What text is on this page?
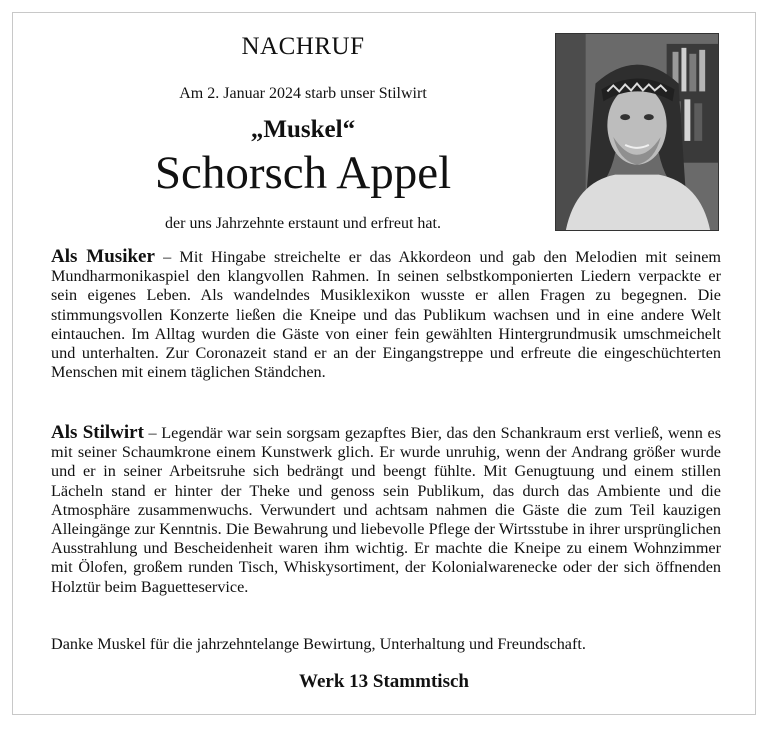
NACHRUF
Am 2. Januar 2024 starb unser Stilwirt
„Muskel“
Schorsch Appel
der uns Jahrzehnte erstaunt und erfreut hat.
Als Musiker – Mit Hingabe streichelte er das Akkordeon und gab den Melodien mit seinem Mundharmonikaspiel den klangvollen Rahmen. In seinen selbstkomponierten Liedern verpackte er sein eigenes Leben. Als wandelndes Musiklexikon wusste er allen Fragen zu begegnen. Die stimmungsvollen Konzerte ließen die Kneipe und das Publikum wachsen und in eine andere Welt eintauchen. Im Alltag wurden die Gäste von einer fein gewählten Hintergrundmusik umschmeichelt und unterhalten. Zur Coronazeit stand er an der Eingangstreppe und erfreute die eingeschüchterten Menschen mit einem täglichen Ständchen.
Als Stilwirt – Legendär war sein sorgsam gezapftes Bier, das den Schankraum erst verließ, wenn es mit seiner Schaumkrone einem Kunstwerk glich. Er wurde unruhig, wenn der Andrang größer wurde und er in seiner Arbeitsruhe sich bedrängt und beengt fühlte. Mit Genugtuung und einem stillen Lächeln stand er hinter der Theke und genoss sein Publikum, das durch das Ambiente und die Atmosphäre zusammenwuchs. Verwundert und achtsam nahmen die Gäste die zum Teil kauzigen Alleingänge zur Kenntnis. Die Bewahrung und liebevolle Pflege der Wirtsstube in ihrer ursprünglichen Ausstrahlung und Bescheidenheit waren ihm wichtig. Er machte die Kneipe zu einem Wohnzimmer mit Ölofen, großem runden Tisch, Whiskysortiment, der Kolonialwarenecke oder der sich öffnenden Holztür beim Baguetteservice.
Danke Muskel für die jahrzehntelange Bewirtung, Unterhaltung und Freundschaft.
Werk 13 Stammtisch
